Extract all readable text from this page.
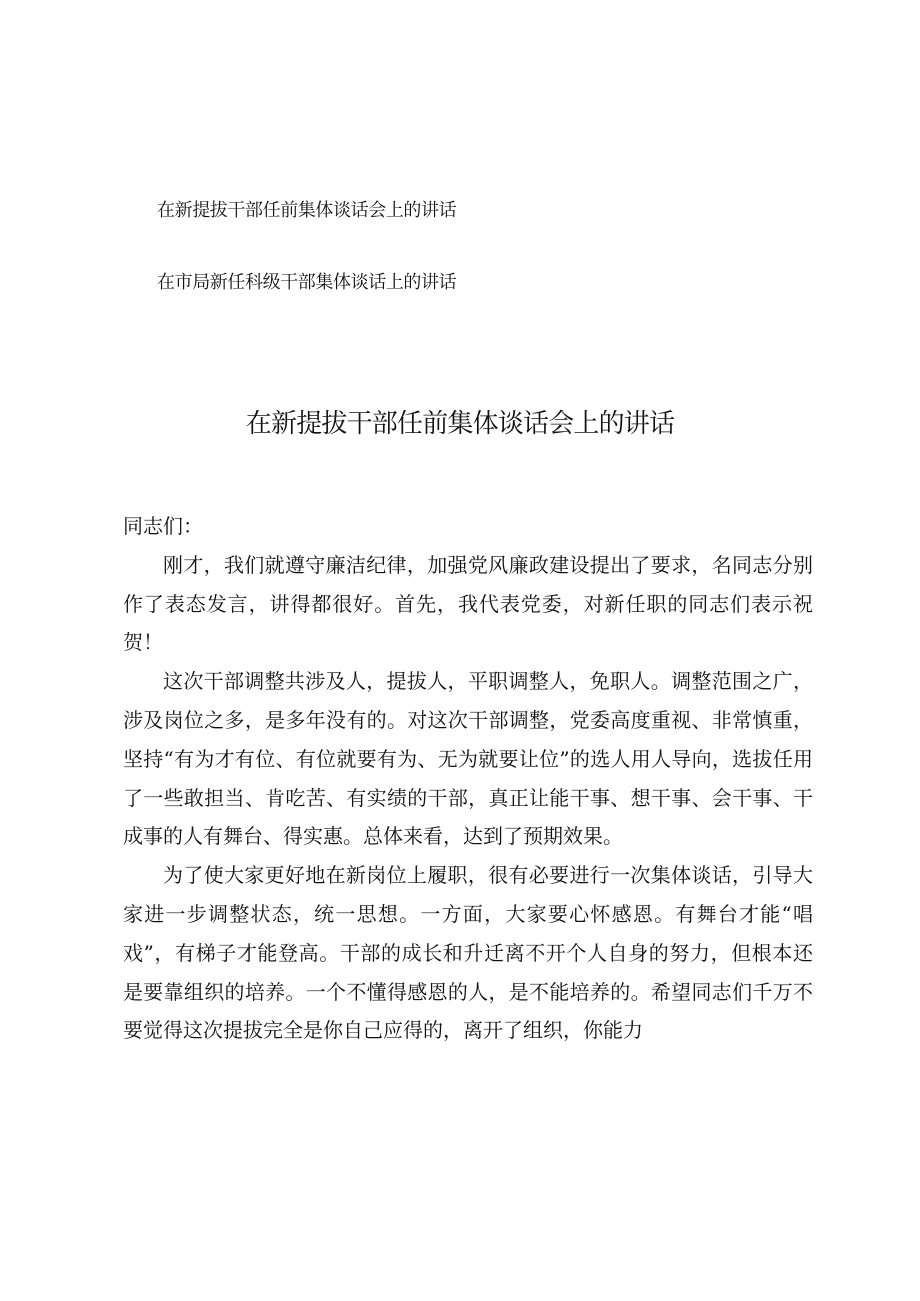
在新提拔干部任前集体谈话会上的讲话
在市局新任科级干部集体谈话上的讲话
在新提拔干部任前集体谈话会上的讲话

同志们：

刚才，我们就遵守廉洁纪律，加强党风廉政建设提出了要求，名同志分别作了表态发言，讲得都很好。首先，我代表党委，对新任职的同志们表示祝贺！

这次干部调整共涉及人，提拔人，平职调整人，免职人。调整范围之广，涉及岗位之多，是多年没有的。对这次干部调整，党委高度重视、非常慎重，坚持“有为才有位、有位就要有为、无为就要让位”的选人用人导向，选拔任用了一些敢担当、肯吃苦、有实绩的干部，真正让能干事、想干事、会干事、干成事的人有舞台、得实惠。总体来看，达到了预期效果。

为了使大家更好地在新岗位上履职，很有必要进行一次集体谈话，引导大家进一步调整状态，统一思想。一方面，大家要心怀感恩。有舞台才能“唱戏”，有梯子才能登高。干部的成长和升迁离不开个人自身的努力，但根本还是要靠组织的培养。一个不懂得感恩的人，是不能培养的。希望同志们千万不要觉得这次提拔完全是你自己应得的，离开了组织，你能力
